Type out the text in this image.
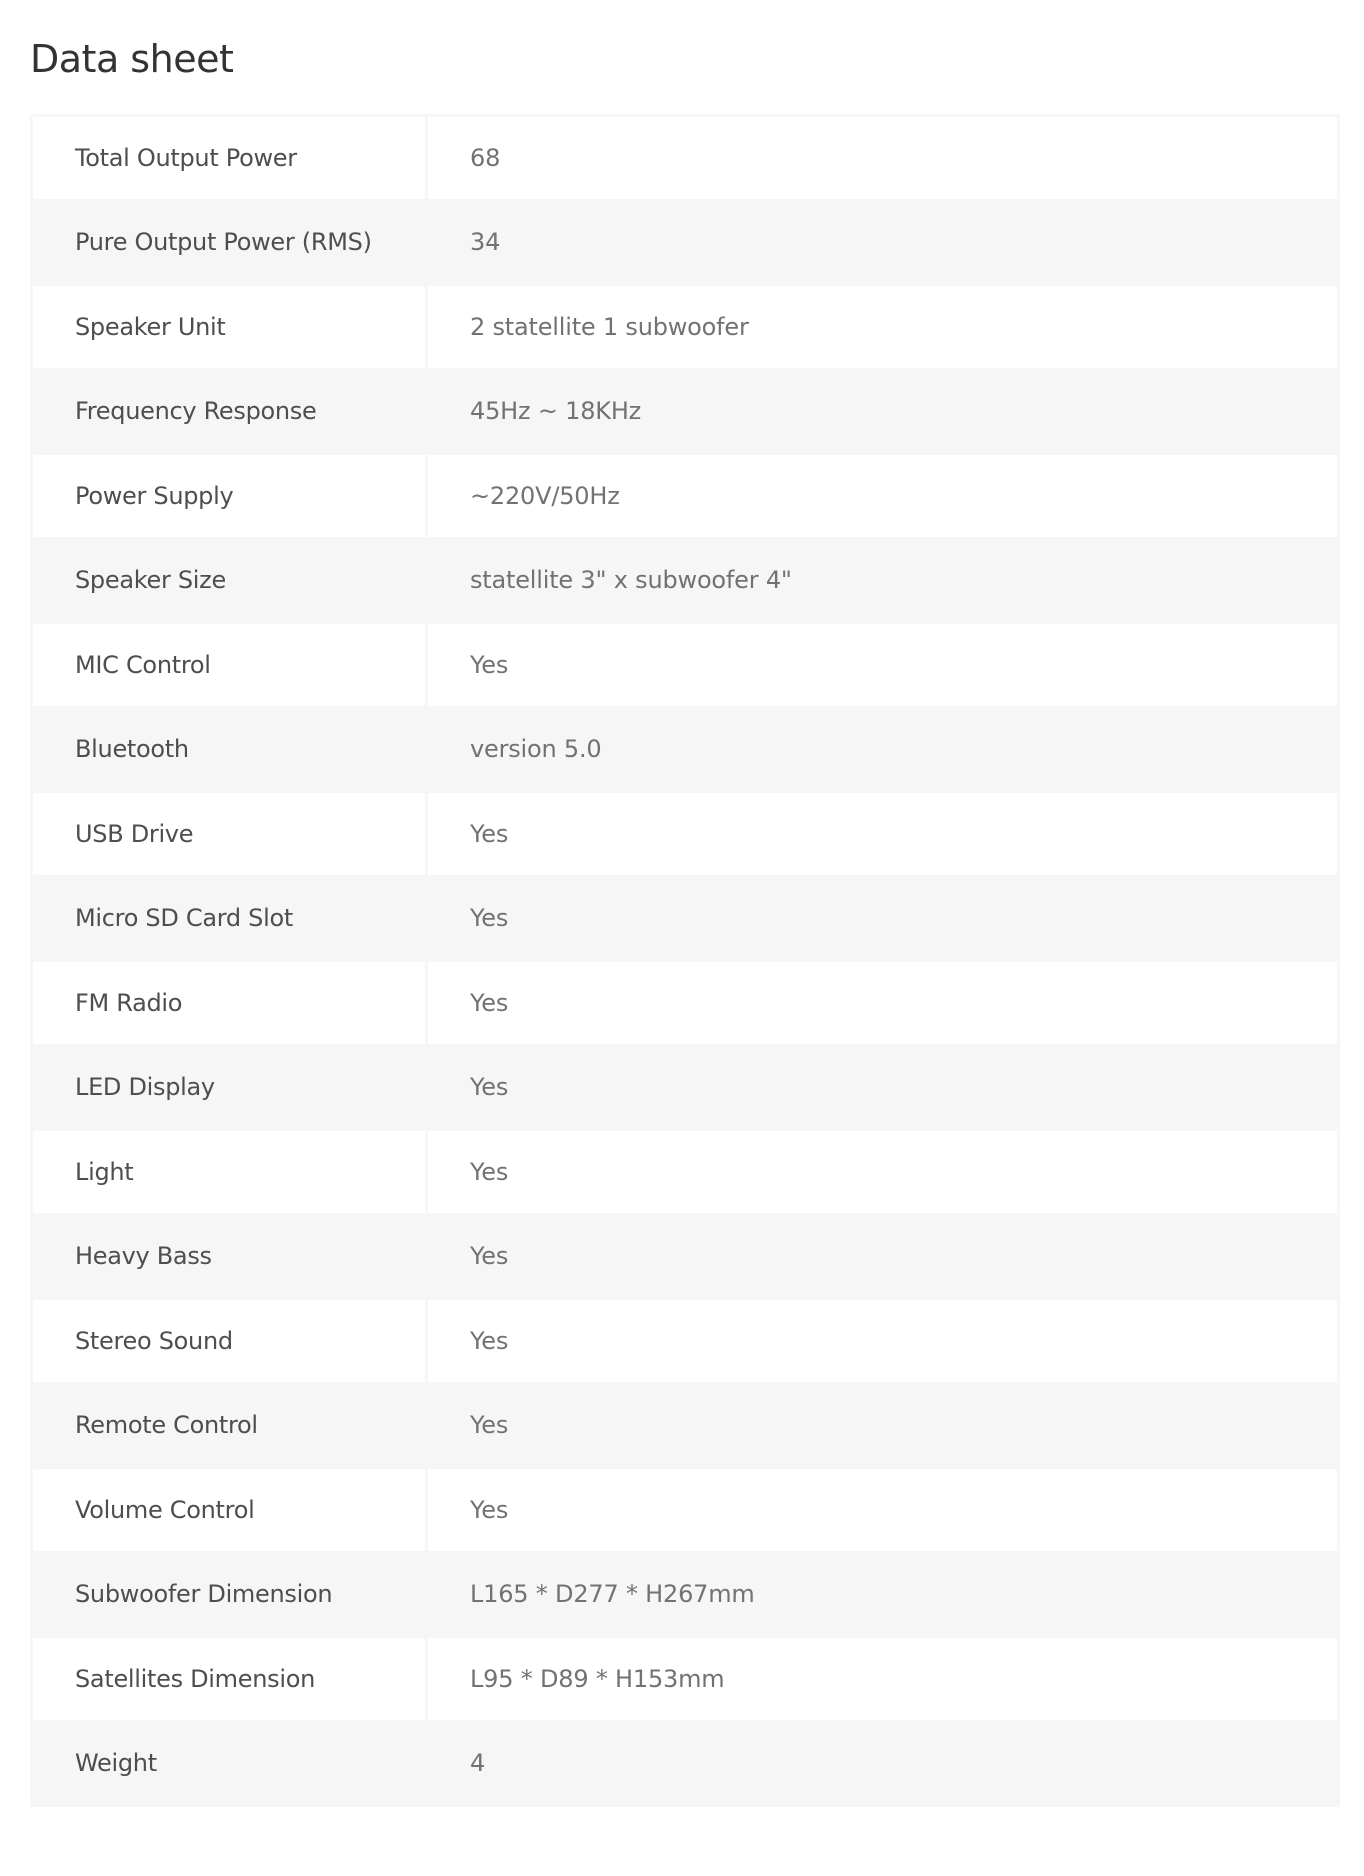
Data sheet
Total Output Power	68
Pure Output Power (RMS)	34
Speaker Unit	2 statellite 1 subwoofer
Frequency Response	45Hz ~ 18KHz
Power Supply	~220V/50Hz
Speaker Size	statellite 3" x subwoofer 4"
MIC Control	Yes
Bluetooth	version 5.0
USB Drive	Yes
Micro SD Card Slot	Yes
FM Radio	Yes
LED Display	Yes
Light	Yes
Heavy Bass	Yes
Stereo Sound	Yes
Remote Control	Yes
Volume Control	Yes
Subwoofer Dimension	L165 * D277 * H267mm
Satellites Dimension	L95 * D89 * H153mm
Weight	4
